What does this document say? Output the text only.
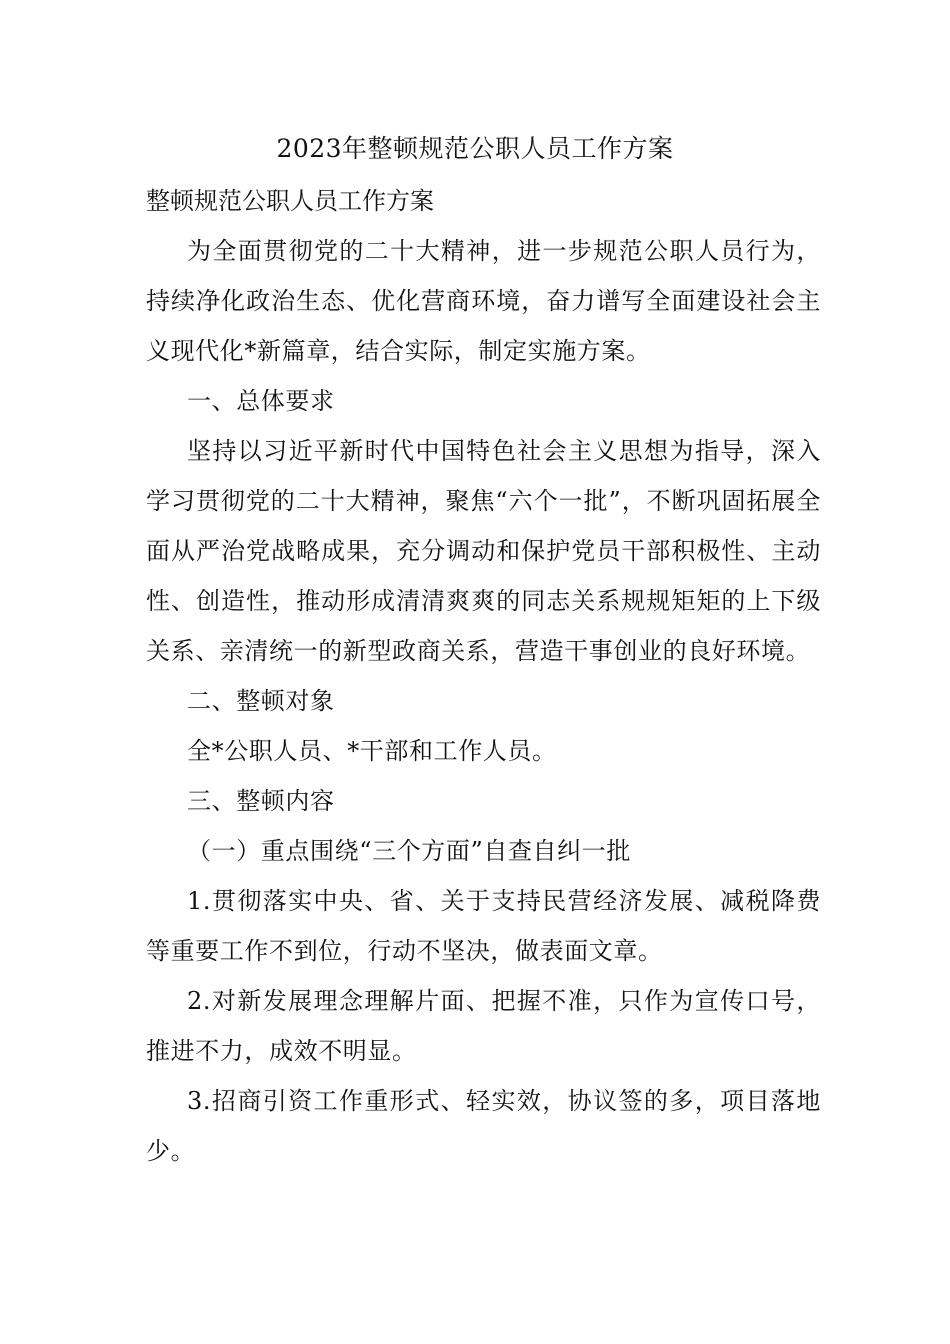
2023年整顿规范公职人员工作方案
整顿规范公职人员工作方案

为全面贯彻党的二十大精神，进一步规范公职人员行为，持续净化政治生态、优化营商环境，奋力谱写全面建设社会主义现代化*新篇章，结合实际，制定实施方案。

一、总体要求

坚持以习近平新时代中国特色社会主义思想为指导，深入学习贯彻党的二十大精神，聚焦“六个一批”，不断巩固拓展全面从严治党战略成果，充分调动和保护党员干部积极性、主动性、创造性，推动形成清清爽爽的同志关系规规矩矩的上下级关系、亲清统一的新型政商关系，营造干事创业的良好环境。

二、整顿对象

全*公职人员、*干部和工作人员。

三、整顿内容

（一）重点围绕“三个方面”自查自纠一批

1.贯彻落实中央、省、关于支持民营经济发展、减税降费等重要工作不到位，行动不坚决，做表面文章。

2.对新发展理念理解片面、把握不准，只作为宣传口号，推进不力，成效不明显。

3.招商引资工作重形式、轻实效，协议签的多，项目落地少。
